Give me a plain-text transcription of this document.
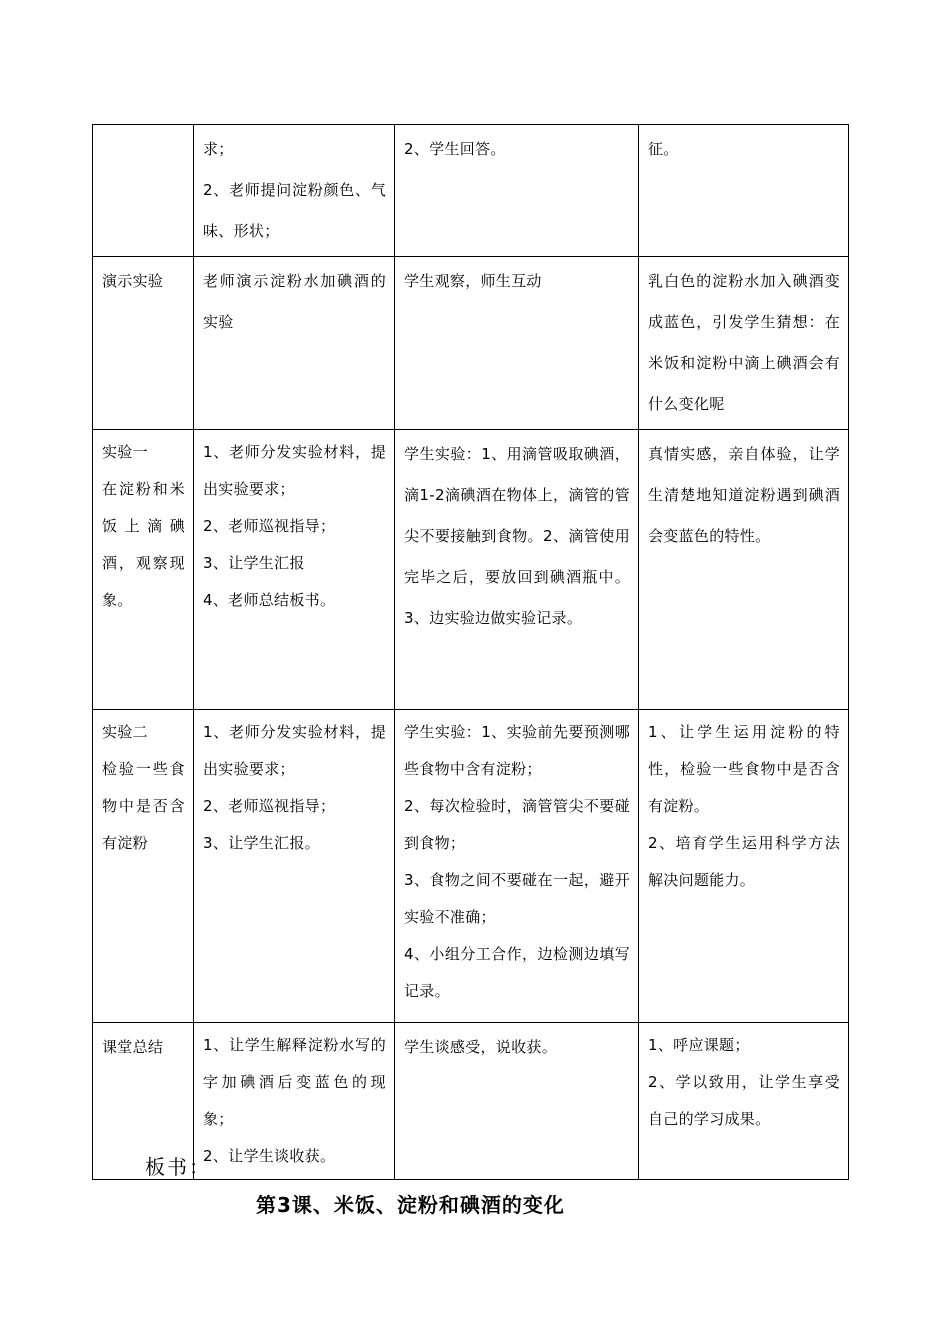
	求；
2、老师提问淀粉颜色、气味、形状；	2、学生回答。	征。

演示实验	老师演示淀粉水加碘酒的实验	学生观察，师生互动	乳白色的淀粉水加入碘酒变成蓝色，引发学生猜想：在米饭和淀粉中滴上碘酒会有什么变化呢

实验一
在淀粉和米饭上滴碘酒，观察现象。	1、老师分发实验材料，提出实验要求；
2、老师巡视指导；
3、让学生汇报
4、老师总结板书。	学生实验：1、用滴管吸取碘酒，滴1-2滴碘酒在物体上，滴管的管尖不要接触到食物。2、滴管使用完毕之后，要放回到碘酒瓶中。3、边实验边做实验记录。	真情实感，亲自体验，让学生清楚地知道淀粉遇到碘酒会变蓝色的特性。

实验二
检验一些食物中是否含有淀粉	1、老师分发实验材料，提出实验要求；
2、老师巡视指导；
3、让学生汇报。	学生实验：1、实验前先要预测哪些食物中含有淀粉；
2、每次检验时，滴管管尖不要碰到食物；
3、食物之间不要碰在一起，避开实验不准确；
4、小组分工合作，边检测边填写记录。	1、让学生运用淀粉的特性，检验一些食物中是否含有淀粉。
2、培育学生运用科学方法解决问题能力。

课堂总结	1、让学生解释淀粉水写的字加碘酒后变蓝色的现象；
2、让学生谈收获。	学生谈感受，说收获。	1、呼应课题；
2、学以致用，让学生享受自己的学习成果。
板书：
第3课、米饭、淀粉和碘酒的变化
